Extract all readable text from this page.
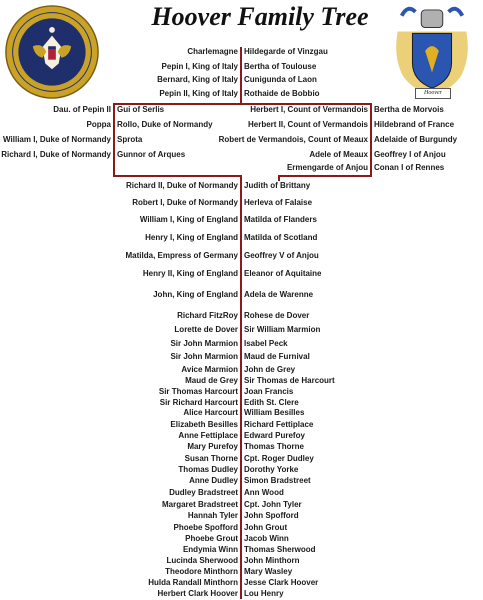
Hoover Family Tree
Hoover
Charlemagne Hildegarde of Vinzgau
Pepin I, King of Italy Bertha of Toulouse
Bernard, King of Italy Cunigunda of Laon
Pepin II, King of Italy Rothaide de Bobbio
Dau. of Pepin II Gui of Serlis
Poppa Rollo, Duke of Normandy
William I, Duke of Normandy Sprota
Richard I, Duke of Normandy Gunnor of Arques
Herbert I, Count of Vermandois Bertha de Morvois
Herbert II, Count of Vermandois Hildebrand of France
Robert de Vermandois, Count of Meaux Adelaide of Burgundy
Adele of Meaux Geoffrey I of Anjou
Ermengarde of Anjou Conan I of Rennes
Richard II, Duke of Normandy Judith of Brittany
Robert I, Duke of Normandy Herleva of Falaise
William I, King of England Matilda of Flanders
Henry I, King of England Matilda of Scotland
Matilda, Empress of Germany Geoffrey V of Anjou
Henry II, King of England Eleanor of Aquitaine
John, King of England Adela de Warenne
Richard FitzRoy Rohese de Dover
Lorette de Dover Sir William Marmion
Sir John Marmion Isabel Peck
Sir John Marmion Maud de Furnival
Avice Marmion John de Grey
Maud de Grey Sir Thomas de Harcourt
Sir Thomas Harcourt Joan Francis
Sir Richard Harcourt Edith St. Clere
Alice Harcourt William Besilles
Elizabeth Besilles Richard Fettiplace
Anne Fettiplace Edward Purefoy
Mary Purefoy Thomas Thorne
Susan Thorne Cpt. Roger Dudley
Thomas Dudley Dorothy Yorke
Anne Dudley Simon Bradstreet
Dudley Bradstreet Ann Wood
Margaret Bradstreet Cpt. John Tyler
Hannah Tyler John Spofford
Phoebe Spofford John Grout
Phoebe Grout Jacob Winn
Endymia Winn Thomas Sherwood
Lucinda Sherwood John Minthorn
Theodore Minthorn Mary Wasley
Hulda Randall Minthorn Jesse Clark Hoover
Herbert Clark Hoover Lou Henry
